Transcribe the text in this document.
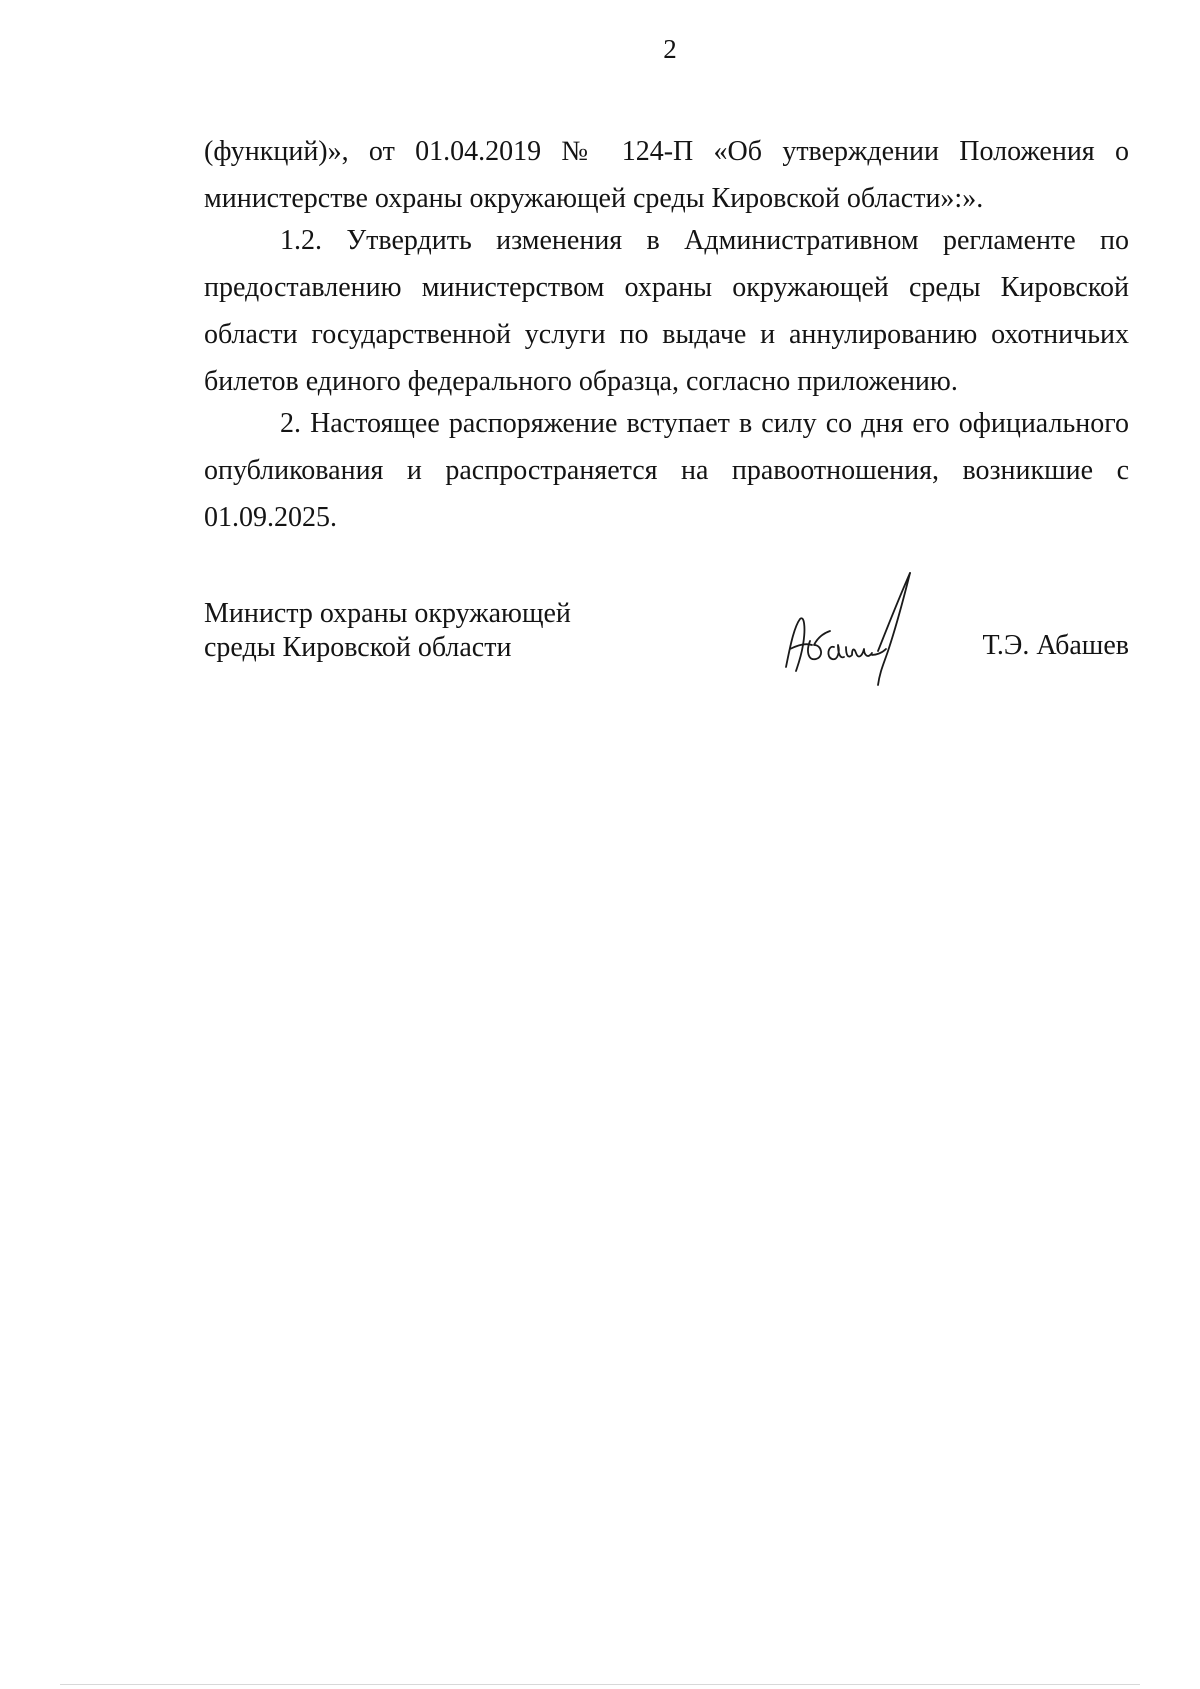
2

(функций)», от 01.04.2019 № 124-П «Об утверждении Положения о
министерстве охраны окружающей среды Кировской области»:».

1.2. Утвердить изменения в Административном регламенте по
предоставлению министерством охраны окружающей среды Кировской
области государственной услуги по выдаче и аннулированию охотничьих
билетов единого федерального образца, согласно приложению.

2. Настоящее распоряжение вступает в силу со дня его официального
опубликования и распространяется на правоотношения, возникшие с
01.09.2025.

Министр охраны окружающей
среды Кировской области	Т.Э. Абашев
